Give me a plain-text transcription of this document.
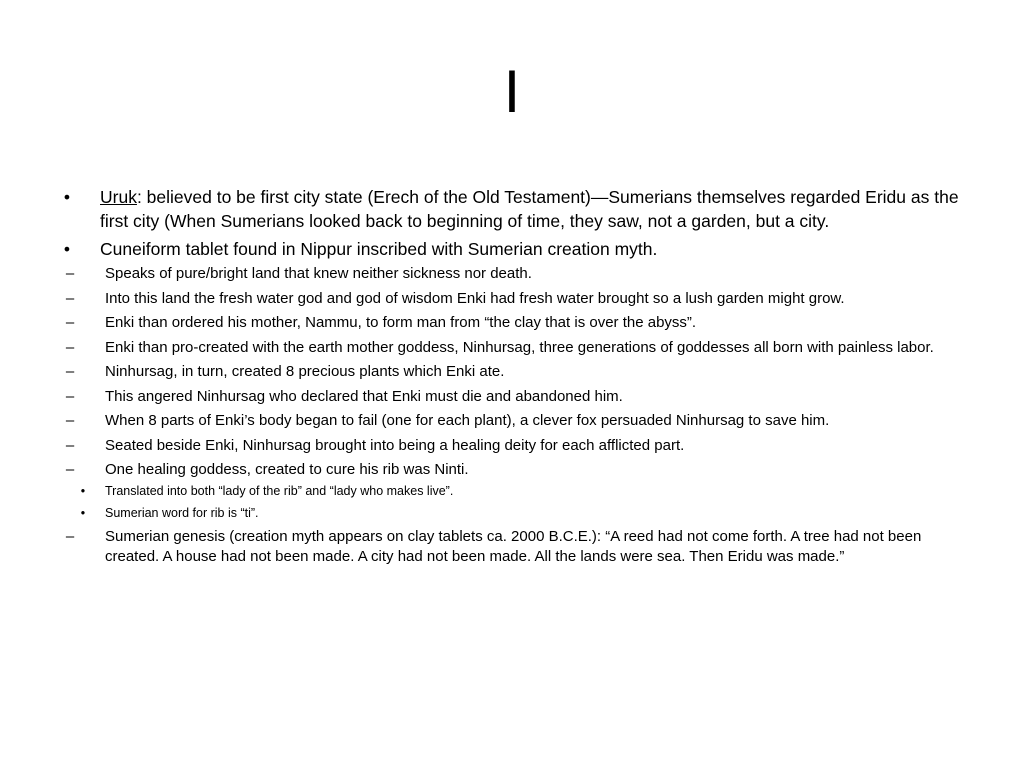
I
• Uruk: believed to be first city state (Erech of the Old Testament)—Sumerians themselves regarded Eridu as the first city (When Sumerians looked back to beginning of time, they saw, not a garden, but a city.
• Cuneiform tablet found in Nippur inscribed with Sumerian creation myth.
–	Speaks of pure/bright land that knew neither sickness nor death.
–	Into this land the fresh water god and god of wisdom Enki had fresh water brought so a lush garden might grow.
–	Enki than ordered his mother, Nammu, to form man from “the clay that is over the abyss”.
–	Enki than pro-created with the earth mother goddess, Ninhursag, three generations of goddesses all born with painless labor.
–	Ninhursag, in turn, created 8 precious plants which Enki ate.
–	This angered Ninhursag who declared that Enki must die and abandoned him.
–	When 8 parts of Enki’s body began to fail (one for each plant), a clever fox persuaded Ninhursag to save him.
–	Seated beside Enki, Ninhursag brought into being a healing deity for each afflicted part.
–	One healing goddess, created to cure his rib was Ninti.
• Translated into both “lady of the rib” and “lady who makes live”.
• Sumerian word for rib is “ti”.
–	Sumerian genesis (creation myth appears on clay tablets ca. 2000 B.C.E.): “A reed had not come forth. A tree had not been created. A house had not been made. A city had not been made. All the lands were sea. Then Eridu was made.”
